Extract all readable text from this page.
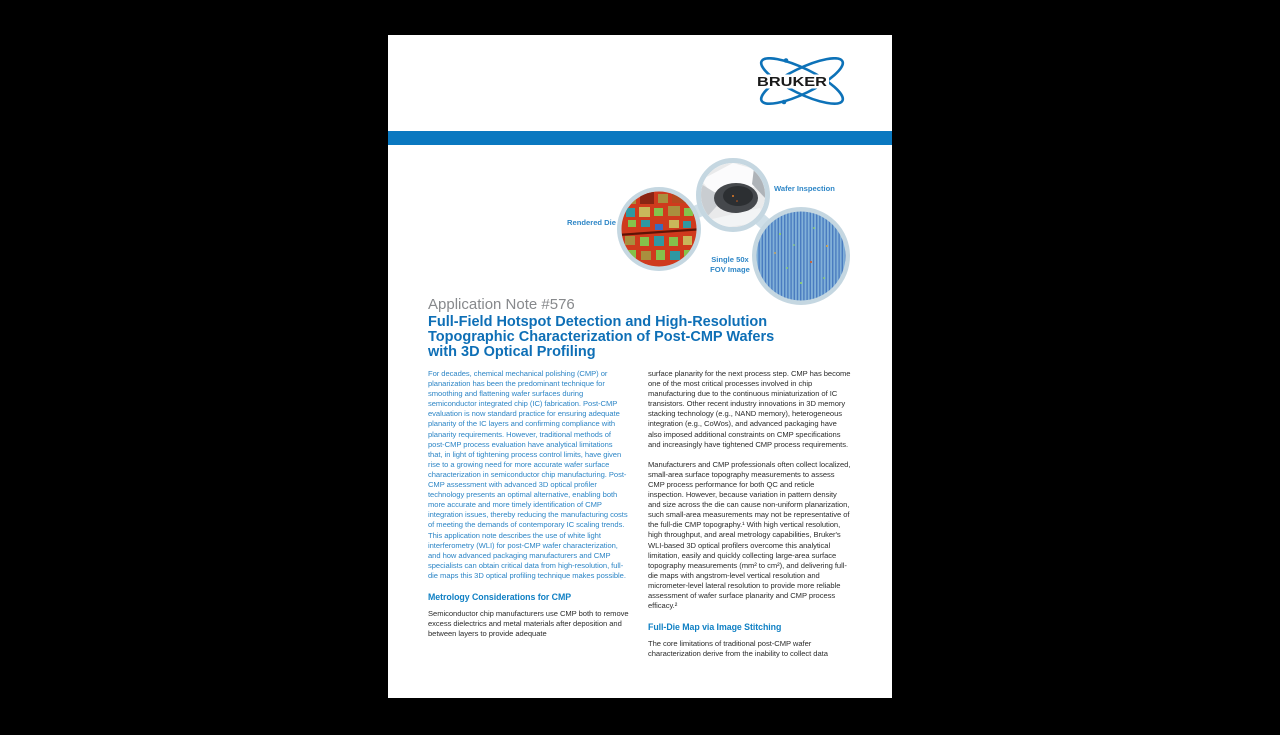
BRUKER
Rendered Die
Wafer Inspection
Single 50x
FOV Image
Application Note #576
Full-Field Hotspot Detection and High-Resolution
Topographic Characterization of Post-CMP Wafers
with 3D Optical Profiling

For decades, chemical mechanical polishing (CMP) or planarization has been the predominant technique for smoothing and flattening wafer surfaces during semiconductor integrated chip (IC) fabrication. Post-CMP evaluation is now standard practice for ensuring adequate planarity of the IC layers and confirming compliance with planarity requirements. However, traditional methods of post-CMP process evaluation have analytical limitations that, in light of tightening process control limits, have given rise to a growing need for more accurate wafer surface characterization in semiconductor chip manufacturing. Post-CMP assessment with advanced 3D optical profiler technology presents an optimal alternative, enabling both more accurate and more timely identification of CMP integration issues, thereby reducing the manufacturing costs of meeting the demands of contemporary IC scaling trends. This application note describes the use of white light interferometry (WLI) for post-CMP wafer characterization, and how advanced packaging manufacturers and CMP specialists can obtain critical data from high-resolution, full-die maps this 3D optical profiling technique makes possible.

Metrology Considerations for CMP

Semiconductor chip manufacturers use CMP both to remove excess dielectrics and metal materials after deposition and between layers to provide adequate

surface planarity for the next process step. CMP has become one of the most critical processes involved in chip manufacturing due to the continuous miniaturization of IC transistors. Other recent industry innovations in 3D memory stacking technology (e.g., NAND memory), heterogeneous integration (e.g., CoWos), and advanced packaging have also imposed additional constraints on CMP specifications and increasingly have tightened CMP process requirements.

Manufacturers and CMP professionals often collect localized, small-area surface topography measurements to assess CMP process performance for both QC and reticle inspection. However, because variation in pattern density and size across the die can cause non-uniform planarization, such small-area measurements may not be representative of the full-die CMP topography.¹ With high vertical resolution, high throughput, and areal metrology capabilities, Bruker's WLI-based 3D optical profilers overcome this analytical limitation, easily and quickly collecting large-area surface topography measurements (mm² to cm²), and delivering full-die maps with angstrom-level vertical resolution and micrometer-level lateral resolution to provide more reliable assessment of wafer surface planarity and CMP process efficacy.²

Full-Die Map via Image Stitching

The core limitations of traditional post-CMP wafer characterization derive from the inability to collect data
